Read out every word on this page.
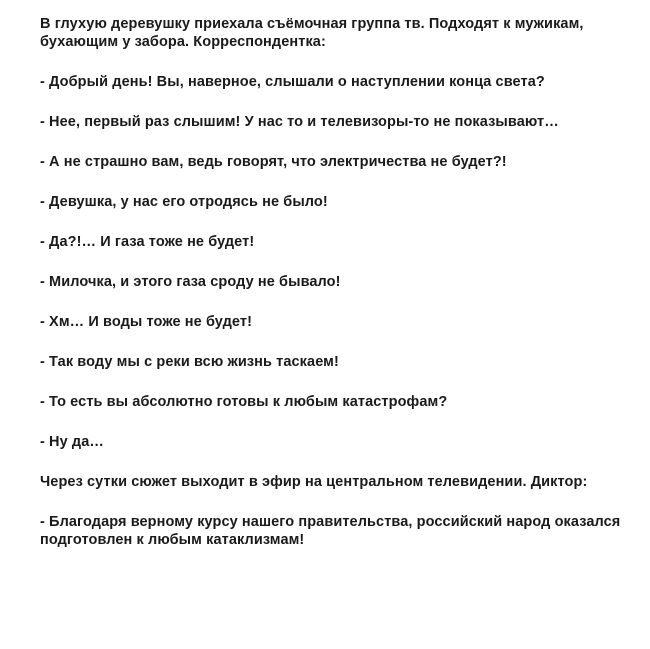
В глухую деревушку приехала съёмочная группа тв. Подходят к мужикам, бухающим у забора. Корреспондентка:

- Добрый день! Вы, наверное, слышали о наступлении конца света?

- Нее, первый раз слышим! У нас то и телевизоры-то не показывают…

- А не страшно вам, ведь говорят, что электричества не будет?!

- Девушка, у нас его отродясь не было!

- Да?!… И газа тоже не будет!

- Милочка, и этого газа сроду не бывало!

- Хм… И воды тоже не будет!

- Так воду мы с реки всю жизнь таскаем!

- То есть вы абсолютно готовы к любым катастрофам?

- Ну да…

Через сутки сюжет выходит в эфир на центральном телевидении. Диктор:

- Благодаря верному курсу нашего правительства, российский народ оказался подготовлен к любым катаклизмам!
